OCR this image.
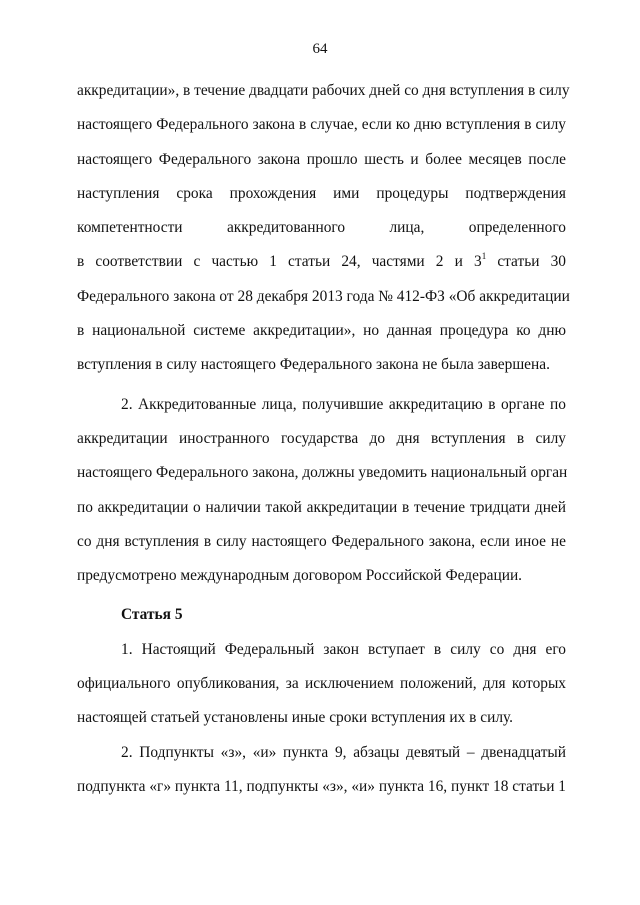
64

аккредитации», в течение двадцати рабочих дней со дня вступления в силу

настоящего Федерального закона в случае, если ко дню вступления в силу

настоящего Федерального закона прошло шесть и более месяцев после

наступления срока прохождения ими процедуры подтверждения

компетентности аккредитованного лица, определенного

в соответствии с частью 1 статьи 24, частями 2 и $3^1$ статьи 30

Федерального закона от 28 декабря 2013 года № 412-ФЗ «Об аккредитации

в национальной системе аккредитации», но данная процедура ко дню

вступления в силу настоящего Федерального закона не была завершена.

2. Аккредитованные лица, получившие аккредитацию в органе по

аккредитации иностранного государства до дня вступления в силу

настоящего Федерального закона, должны уведомить национальный орган

по аккредитации о наличии такой аккредитации в течение тридцати дней

со дня вступления в силу настоящего Федерального закона, если иное не

предусмотрено международным договором Российской Федерации.

Статья 5

1. Настоящий Федеральный закон вступает в силу со дня его

официального опубликования, за исключением положений, для которых

настоящей статьей установлены иные сроки вступления их в силу.

2. Подпункты «з», «и» пункта 9, абзацы девятый – двенадцатый

подпункта «г» пункта 11, подпункты «з», «и» пункта 16, пункт 18 статьи 1
